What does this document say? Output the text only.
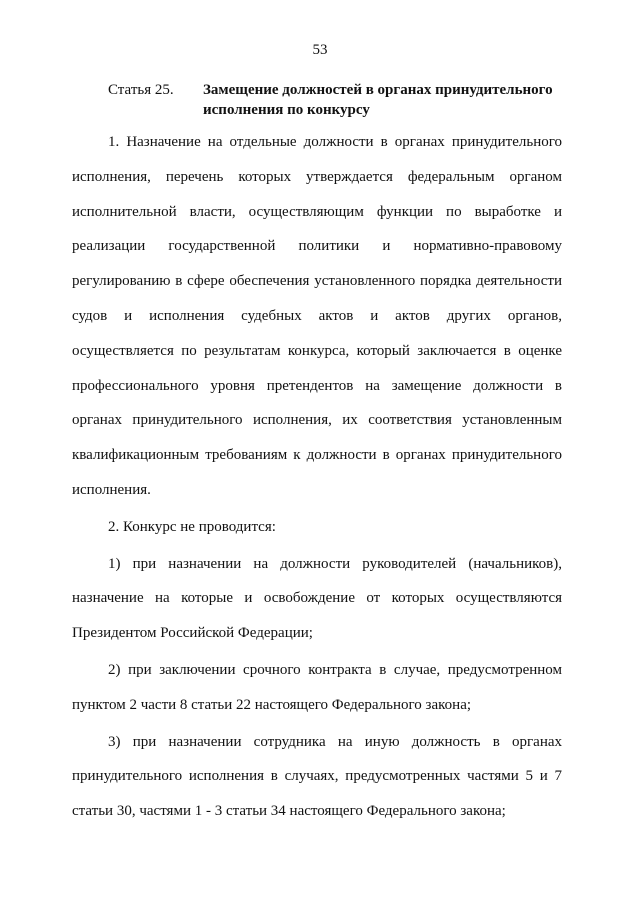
53
Статья 25.	Замещение должностей в органах принудительного исполнения по конкурсу

1. Назначение на отдельные должности в органах принудительного исполнения, перечень которых утверждается федеральным органом исполнительной власти, осуществляющим функции по выработке и реализации государственной политики и нормативно-правовому регулированию в сфере обеспечения установленного порядка деятельности судов и исполнения судебных актов и актов других органов, осуществляется по результатам конкурса, который заключается в оценке профессионального уровня претендентов на замещение должности в органах принудительного исполнения, их соответствия установленным квалификационным требованиям к должности в органах принудительного исполнения.

2. Конкурс не проводится:

1) при назначении на должности руководителей (начальников), назначение на которые и освобождение от которых осуществляются Президентом Российской Федерации;

2) при заключении срочного контракта в случае, предусмотренном пунктом 2 части 8 статьи 22 настоящего Федерального закона;

3) при назначении сотрудника на иную должность в органах принудительного исполнения в случаях, предусмотренных частями 5 и 7 статьи 30, частями 1 - 3 статьи 34 настоящего Федерального закона;
